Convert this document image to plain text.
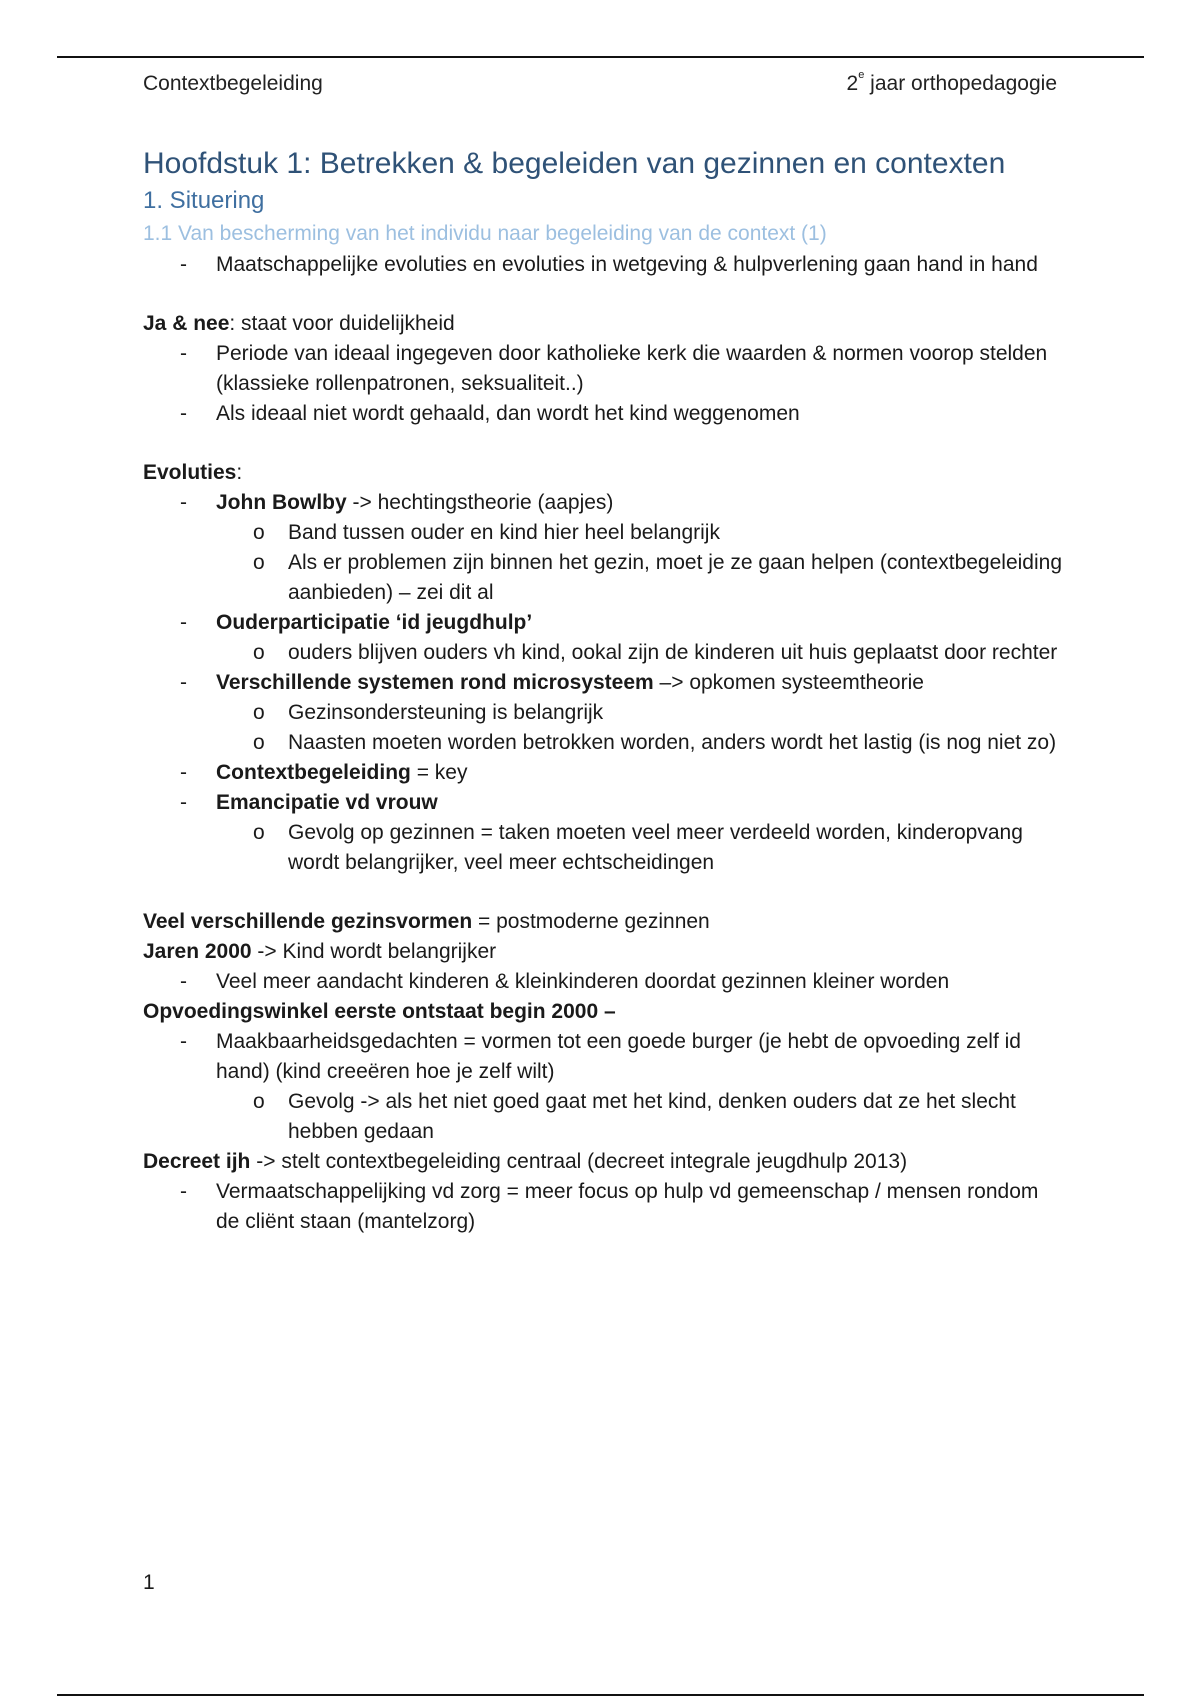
Contextbegeleiding	2e jaar orthopedagogie
Hoofdstuk 1: Betrekken & begeleiden van gezinnen en contexten
1. Situering
1.1 Van bescherming van het individu naar begeleiding van de context (1)
- Maatschappelijke evoluties en evoluties in wetgeving & hulpverlening gaan hand in hand

Ja & nee: staat voor duidelijkheid

- Periode van ideaal ingegeven door katholieke kerk die waarden & normen voorop stelden (klassieke rollenpatronen, seksualiteit..)
- Als ideaal niet wordt gehaald, dan wordt het kind weggenomen

Evoluties:

- John Bowlby -> hechtingstheorie (aapjes)
o Band tussen ouder en kind hier heel belangrijk
o Als er problemen zijn binnen het gezin, moet je ze gaan helpen (contextbegeleiding aanbieden) – zei dit al
- Ouderparticipatie ‘id jeugdhulp’
o ouders blijven ouders vh kind, ookal zijn de kinderen uit huis geplaatst door rechter
- Verschillende systemen rond microsysteem –> opkomen systeemtheorie
o Gezinsondersteuning is belangrijk
o Naasten moeten worden betrokken worden, anders wordt het lastig (is nog niet zo)
- Contextbegeleiding = key
- Emancipatie vd vrouw
o Gevolg op gezinnen = taken moeten veel meer verdeeld worden, kinderopvang wordt belangrijker, veel meer echtscheidingen

Veel verschillende gezinsvormen = postmoderne gezinnen

Jaren 2000 -> Kind wordt belangrijker

- Veel meer aandacht kinderen & kleinkinderen doordat gezinnen kleiner worden

Opvoedingswinkel eerste ontstaat begin 2000 –

- Maakbaarheidsgedachten = vormen tot een goede burger (je hebt de opvoeding zelf id hand) (kind creeëren hoe je zelf wilt)
o Gevolg -> als het niet goed gaat met het kind, denken ouders dat ze het slecht hebben gedaan

Decreet ijh -> stelt contextbegeleiding centraal (decreet integrale jeugdhulp 2013)

- Vermaatschappelijking vd zorg = meer focus op hulp vd gemeenschap / mensen rondom de cliënt staan (mantelzorg)
1
